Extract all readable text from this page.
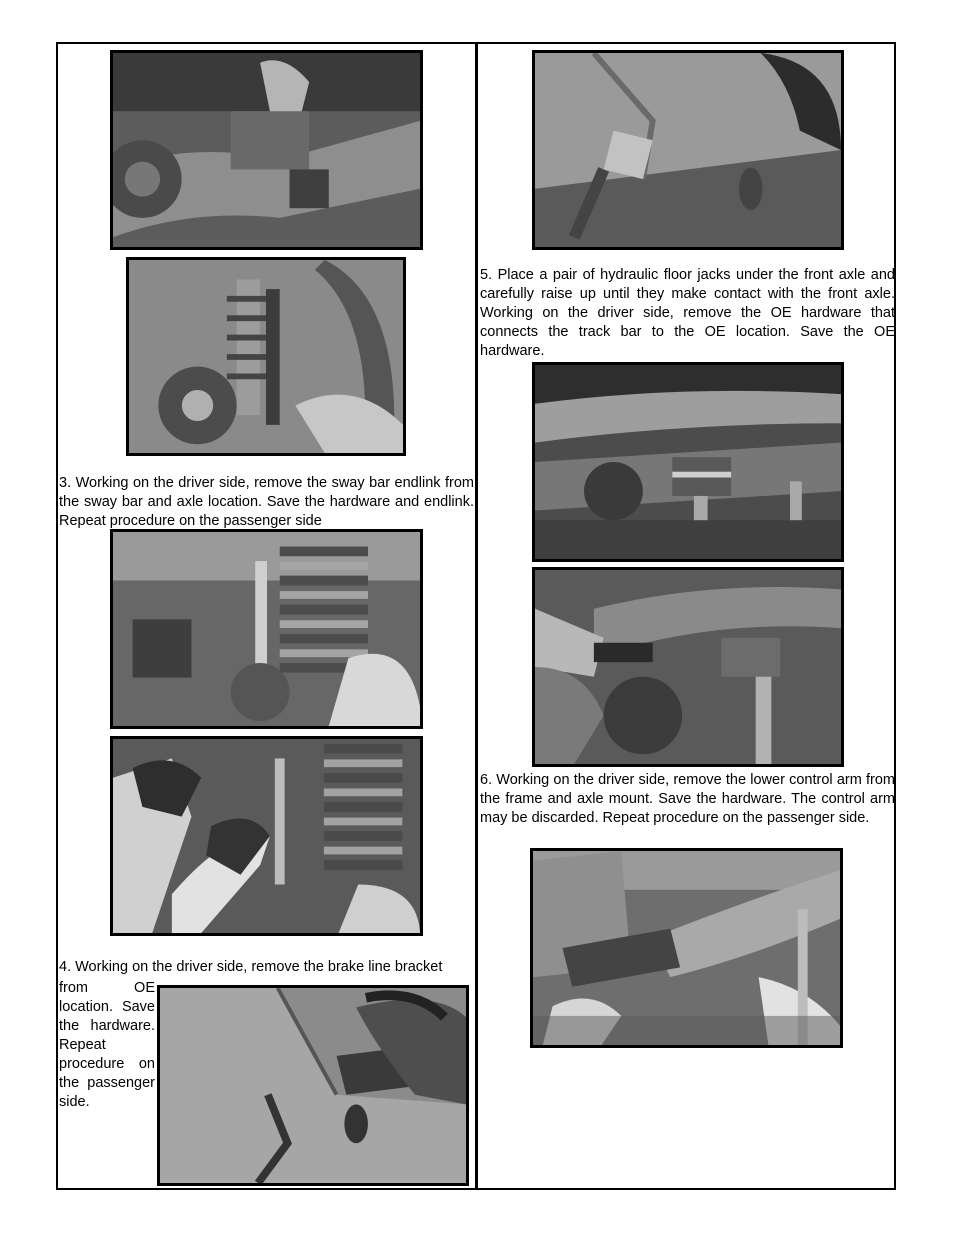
3. Working on the driver side, remove the sway bar endlink from the sway bar and axle location. Save the hardware and endlink. Repeat procedure on the passenger side

4. Working on the driver side, remove the brake line bracket

from OE location. Save the hardware. Repeat procedure on the passenger side.

5. Place a pair of hydraulic floor jacks under the front axle and carefully raise up until they make contact with the front axle. Working on the driver side, remove the OE hardware that connects the track bar to the OE location. Save the OE hardware.

6. Working on the driver side, remove the lower control arm from the frame and axle mount. Save the hardware. The control arm may be discarded. Repeat procedure on the passenger side.
